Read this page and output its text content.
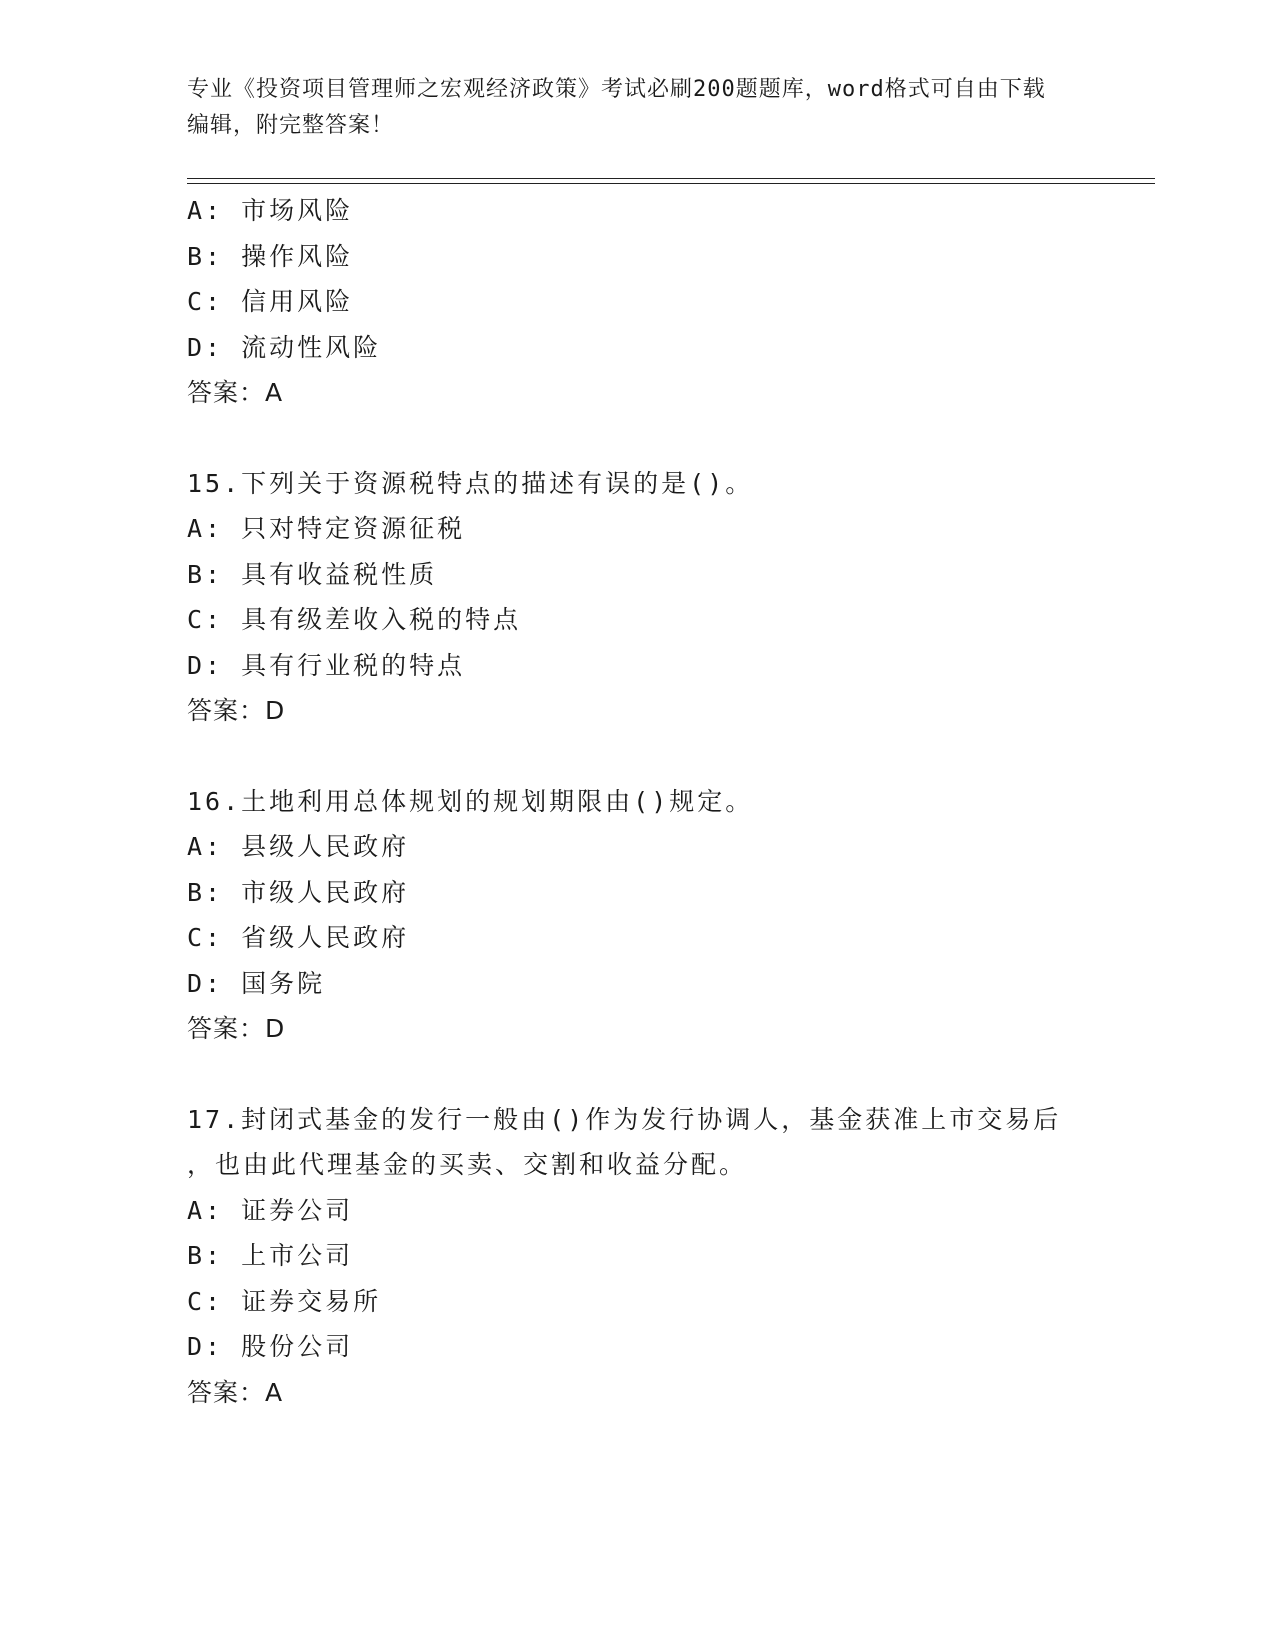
专业《投资项目管理师之宏观经济政策》考试必刷200题题库，word格式可自由下载编辑，附完整答案！
A: 市场风险
B: 操作风险
C: 信用风险
D: 流动性风险
答案：A
15.下列关于资源税特点的描述有误的是()。
A: 只对特定资源征税
B: 具有收益税性质
C: 具有级差收入税的特点
D: 具有行业税的特点
答案：D
16.土地利用总体规划的规划期限由()规定。
A: 县级人民政府
B: 市级人民政府
C: 省级人民政府
D: 国务院
答案：D
17.封闭式基金的发行一般由()作为发行协调人，基金获准上市交易后
，也由此代理基金的买卖、交割和收益分配。
A: 证券公司
B: 上市公司
C: 证券交易所
D: 股份公司
答案：A
